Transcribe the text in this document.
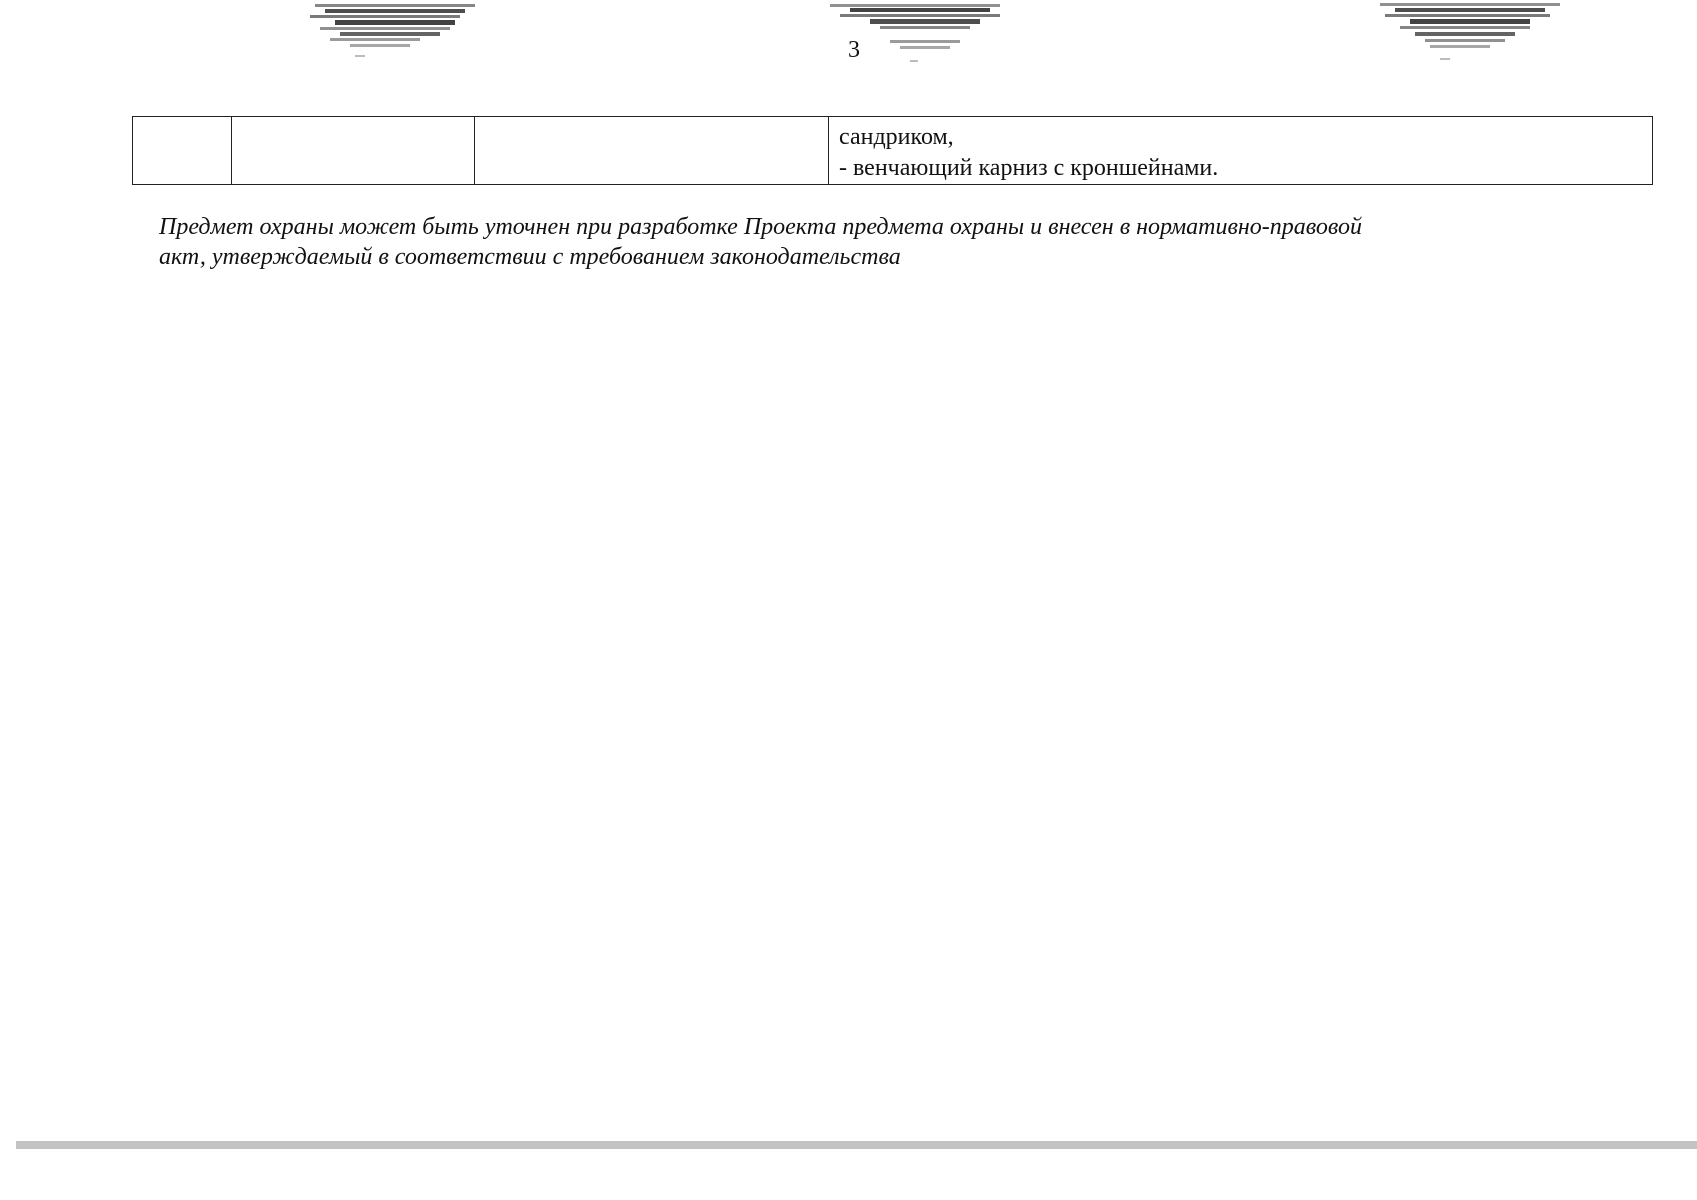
3

сандриком,
- венчающий карниз с кроншейнами.
Предмет охраны может быть уточнен при разработке Проекта предмета охраны и внесен в нормативно-правовой
акт, утверждаемый в соответствии с требованием законодательства
